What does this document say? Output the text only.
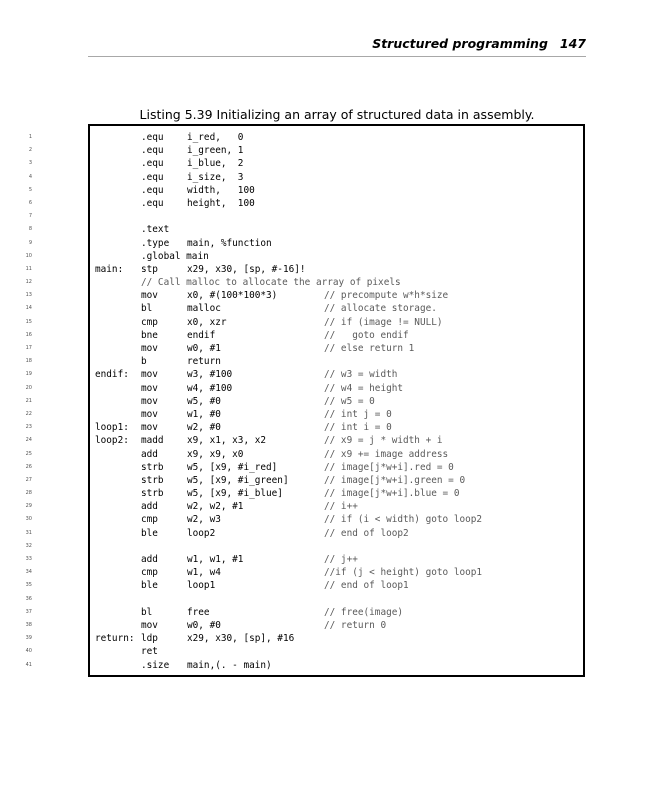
Structured programming 147
Listing 5.39 Initializing an array of structured data in assembly.
1	.equ i_red,   0
2	.equ i_green, 1
3	.equ i_blue,  2
4	.equ i_size,  3
5	.equ width,   100
6	.equ height,  100
7
8	.text
9	.type main, %function
10	.global main
11	main: stp	x29, x30, [sp, #-16]!
12	// Call malloc to allocate the array of pixels
13	mov	x0, #(100*100*3)	// precompute w*h*size
14	bl	malloc	// allocate storage.
15	cmp	x0, xzr	// if (image != NULL)
16	bne	endif	//   goto endif
17	mov	w0, #1	// else return 1
18	b	return
19	endif: mov	w3, #100	// w3 = width
20	mov	w4, #100	// w4 = height
21	mov	w5, #0	// w5 = 0
22	mov	w1, #0	// int j = 0
23	loop1: mov	w2, #0	// int i = 0
24	loop2: madd x9, x1, x3, x2	// x9 = j * width + i
25	add	x9, x9, x0	// x9 += image address
26	strb w5, [x9, #i_red]	// image[j*w+i].red = 0
27	strb w5, [x9, #i_green]	// image[j*w+i].green = 0
28	strb w5, [x9, #i_blue]	// image[j*w+i].blue = 0
29	add	w2, w2, #1	// i++
30	cmp	w2, w3	// if (i < width) goto loop2
31	ble	loop2	// end of loop2
32
33	add	w1, w1, #1	// j++
34	cmp	w1, w4	//if (j < height) goto loop1
35	ble	loop1	// end of loop1
36
37	bl	free	// free(image)
38	mov	w0, #0	// return 0
39	return: ldp	x29, x30, [sp], #16
40	ret
41	.size main,(. - main)
